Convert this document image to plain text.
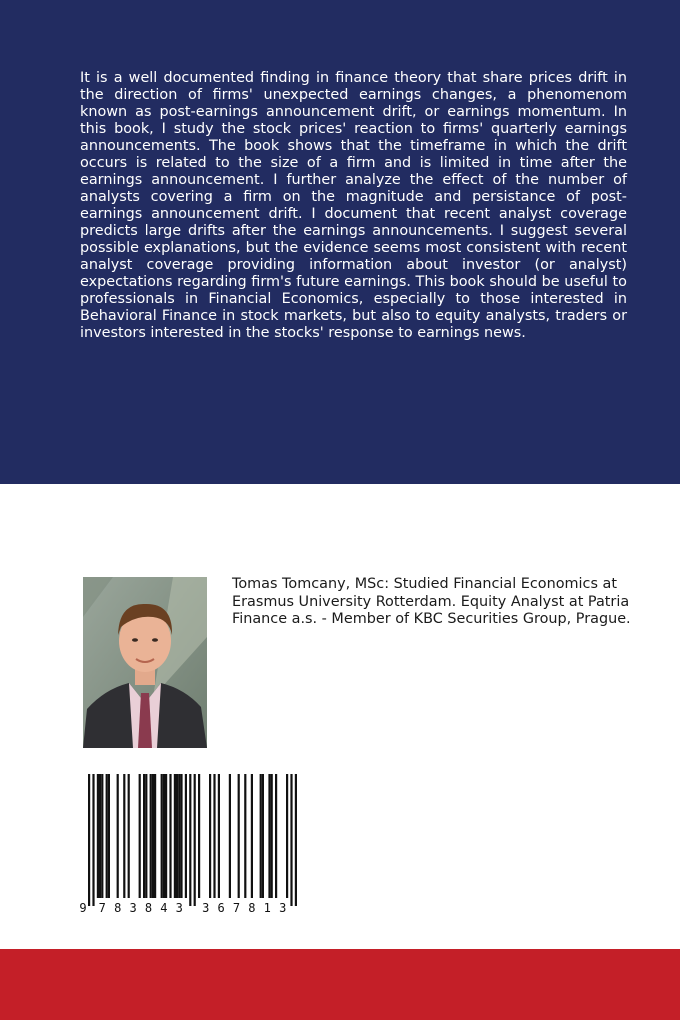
It is a well documented finding in finance theory that share prices drift in the direction of firms' unexpected earnings changes, a phenomenom known as post-earnings announcement drift, or earnings momentum. In this book, I study the stock prices' reaction to firms' quarterly earnings announcements. The book shows that the timeframe in which the drift occurs is related to the size of a firm and is limited in time after the earnings announcement. I further analyze the effect of the number of analysts covering a firm on the magnitude and persistance of post-earnings announcement drift. I document that recent analyst coverage predicts large drifts after the earnings announcements. I suggest several possible explanations, but the evidence seems most consistent with recent analyst coverage providing information about investor (or analyst) expectations regarding firm's future earnings. This book should be useful to professionals in Financial Economics, especially to those interested in Behavioral Finance in stock markets, but also to equity analysts, traders or investors interested in the stocks' response to earnings news.

Tomas Tomcany, MSc: Studied Financial Economics at Erasmus University Rotterdam. Equity Analyst at Patria Finance a.s. - Member of KBC Securities Group, Prague.

9 7 8 3 8 4 3 3 6 7 8 1 3
